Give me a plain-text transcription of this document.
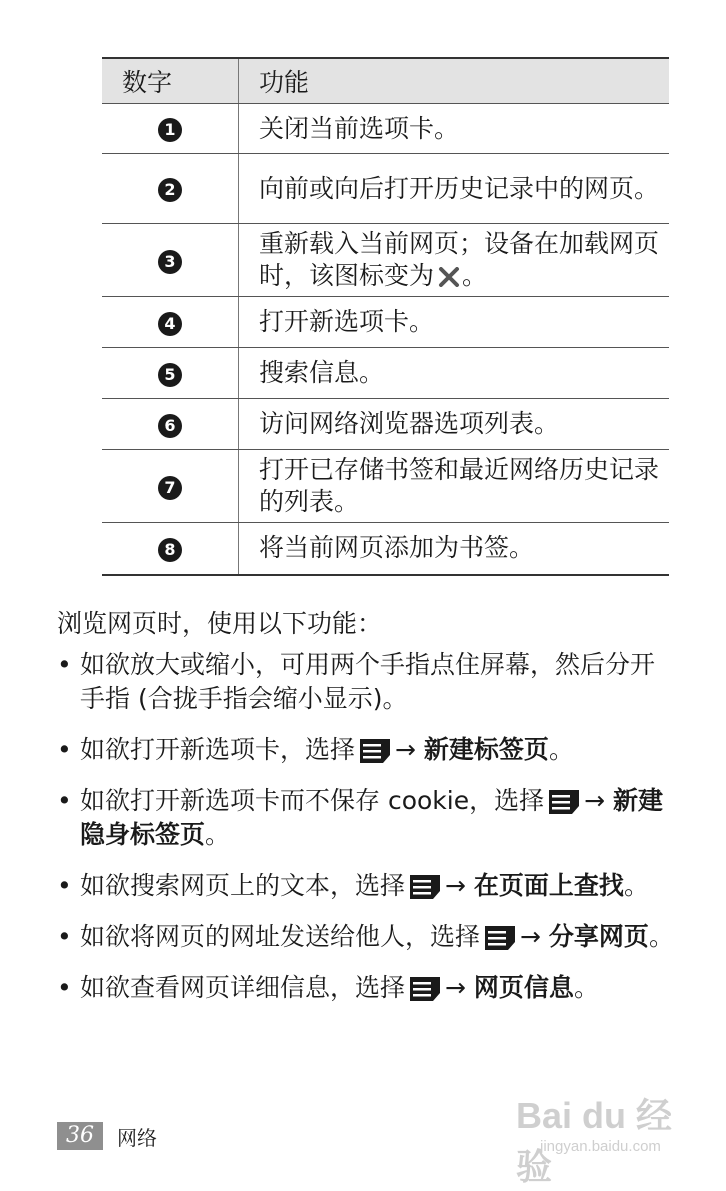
数字	功能
1	关闭当前选项卡。
2	向前或向后打开历史记录中的网页。
3	重新载入当前网页；设备在加载网页时，该图标变为 。
4	打开新选项卡。
5	搜索信息。
6	访问网络浏览器选项列表。
7	打开已存储书签和最近网络历史记录的列表。
8	将当前网页添加为书签。
浏览网页时，使用以下功能：
• 如欲放大或缩小，可用两个手指点住屏幕，然后分开手指 (合拢手指会缩小显示)。
• 如欲打开新选项卡，选择 → 新建标签页。
• 如欲打开新选项卡而不保存 cookie，选择 → 新建隐身标签页。
• 如欲搜索网页上的文本，选择 → 在页面上查找。
• 如欲将网页的网址发送给他人，选择 → 分享网页。
• 如欲查看网页详细信息，选择 → 网页信息。
36	网络
Bai du 经验
jingyan.baidu.com
